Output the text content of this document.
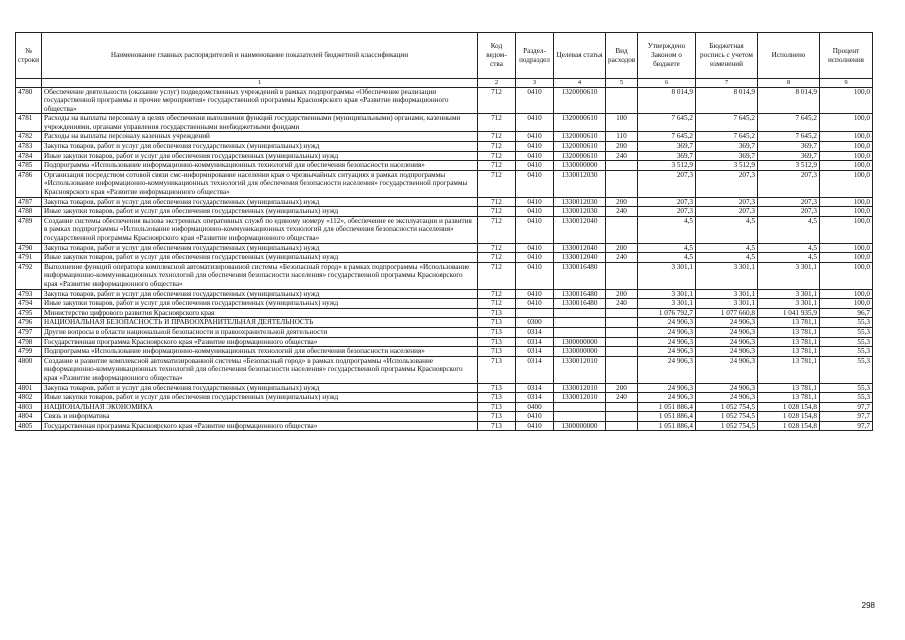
№ строки	Наименование главных распорядителей и наименование показателей бюджетной классификации	Код ведом-ства	Раздел-подраздел	Целевая статья	Вид расходов	Утверждено Законом о бюджете	Бюджетная роспись с учетом изменений	Исполнено	Процент исполнения
	1	2	3	4	5	6	7	8	9
4780	Обеспечение деятельности (оказание услуг) подведомственных учреждений в рамках подпрограммы «Обеспечение реализации государственной программы и прочие мероприятия» государственной программы Красноярского края «Развитие информационного общества»	712	0410	1320000610		8 014,9	8 014,9	8 014,9	100,0
4781	Расходы на выплаты персоналу в целях обеспечения выполнения функций государственными (муниципальными) органами, казенными учреждениями, органами управления государственными внебюджетными фондами	712	0410	1320000610	100	7 645,2	7 645,2	7 645,2	100,0
4782	Расходы на выплаты персоналу казенных учреждений	712	0410	1320000610	110	7 645,2	7 645,2	7 645,2	100,0
4783	Закупка товаров, работ и услуг для обеспечения государственных (муниципальных) нужд	712	0410	1320000610	200	369,7	369,7	369,7	100,0
4784	Иные закупки товаров, работ и услуг для обеспечения государственных (муниципальных) нужд	712	0410	1320000610	240	369,7	369,7	369,7	100,0
4785	Подпрограмма «Использование информационно-коммуникационных технологий для обеспечения безопасности населения»	712	0410	1330000000		3 512,9	3 512,9	3 512,9	100,0
4786	Организация посредством сотовой связи смс-информирование населения края о чрезвычайных ситуациях в рамках подпрограммы «Использование информационно-коммуникационных технологий для обеспечения безопасности населения» государственной программы Красноярского края «Развитие информационного общества»	712	0410	1330012030		207,3	207,3	207,3	100,0
4787	Закупка товаров, работ и услуг для обеспечения государственных (муниципальных) нужд	712	0410	1330012030	200	207,3	207,3	207,3	100,0
4788	Иные закупки товаров, работ и услуг для обеспечения государственных (муниципальных) нужд	712	0410	1330012030	240	207,3	207,3	207,3	100,0
4789	Создание системы обеспечения вызова экстренных оперативных служб по единому номеру «112», обеспечение ее эксплуатации и развития в рамках подпрограммы «Использование информационно-коммуникационных технологий для обеспечения безопасности населения» государственной программы Красноярского края «Развитие информационного общества»	712	0410	1330012040		4,5	4,5	4,5	100,0
4790	Закупка товаров, работ и услуг для обеспечения государственных (муниципальных) нужд	712	0410	1330012040	200	4,5	4,5	4,5	100,0
4791	Иные закупки товаров, работ и услуг для обеспечения государственных (муниципальных) нужд	712	0410	1330012040	240	4,5	4,5	4,5	100,0
4792	Выполнение функций оператора комплексной автоматизированной системы «Безопасный город» в рамках подпрограммы «Использование информационно-коммуникационных технологий для обеспечения безопасности населения» государственной программы Красноярского края «Развитие информационного общества»	712	0410	1330016480		3 301,1	3 301,1	3 301,1	100,0
4793	Закупка товаров, работ и услуг для обеспечения государственных (муниципальных) нужд	712	0410	1330016480	200	3 301,1	3 301,1	3 301,1	100,0
4794	Иные закупки товаров, работ и услуг для обеспечения государственных (муниципальных) нужд	712	0410	1330016480	240	3 301,1	3 301,1	3 301,1	100,0
4795	Министерство цифрового развития Красноярского края	713				1 076 792,7	1 077 660,8	1 041 935,9	96,7
4796	НАЦИОНАЛЬНАЯ БЕЗОПАСНОСТЬ И ПРАВООХРАНИТЕЛЬНАЯ ДЕЯТЕЛЬНОСТЬ	713	0300			24 906,3	24 906,3	13 781,1	55,3
4797	Другие вопросы в области национальной безопасности и правоохранительной деятельности	713	0314			24 906,3	24 906,3	13 781,1	55,3
4798	Государственная программа Красноярского края «Развитие информационного общества»	713	0314	1300000000		24 906,3	24 906,3	13 781,1	55,3
4799	Подпрограмма «Использование информационно-коммуникационных технологий для обеспечения безопасности населения»	713	0314	1330000000		24 906,3	24 906,3	13 781,1	55,3
4800	Создание и развитие комплексной автоматизированной системы «Безопасный город» в рамках подпрограммы «Использование информационно-коммуникационных технологий для обеспечения безопасности населения» государственной программы Красноярского края «Развитие информационного общества»	713	0314	1330012010		24 906,3	24 906,3	13 781,1	55,3
4801	Закупка товаров, работ и услуг для обеспечения государственных (муниципальных) нужд	713	0314	1330012010	200	24 906,3	24 906,3	13 781,1	55,3
4802	Иные закупки товаров, работ и услуг для обеспечения государственных (муниципальных) нужд	713	0314	1330012010	240	24 906,3	24 906,3	13 781,1	55,3
4803	НАЦИОНАЛЬНАЯ ЭКОНОМИКА	713	0400			1 051 886,4	1 052 754,5	1 028 154,8	97,7
4804	Связь и информатика	713	0410			1 051 886,4	1 052 754,5	1 028 154,8	97,7
4805	Государственная программа Красноярского края «Развитие информационного общества»	713	0410	1300000000		1 051 886,4	1 052 754,5	1 028 154,8	97,7
298
